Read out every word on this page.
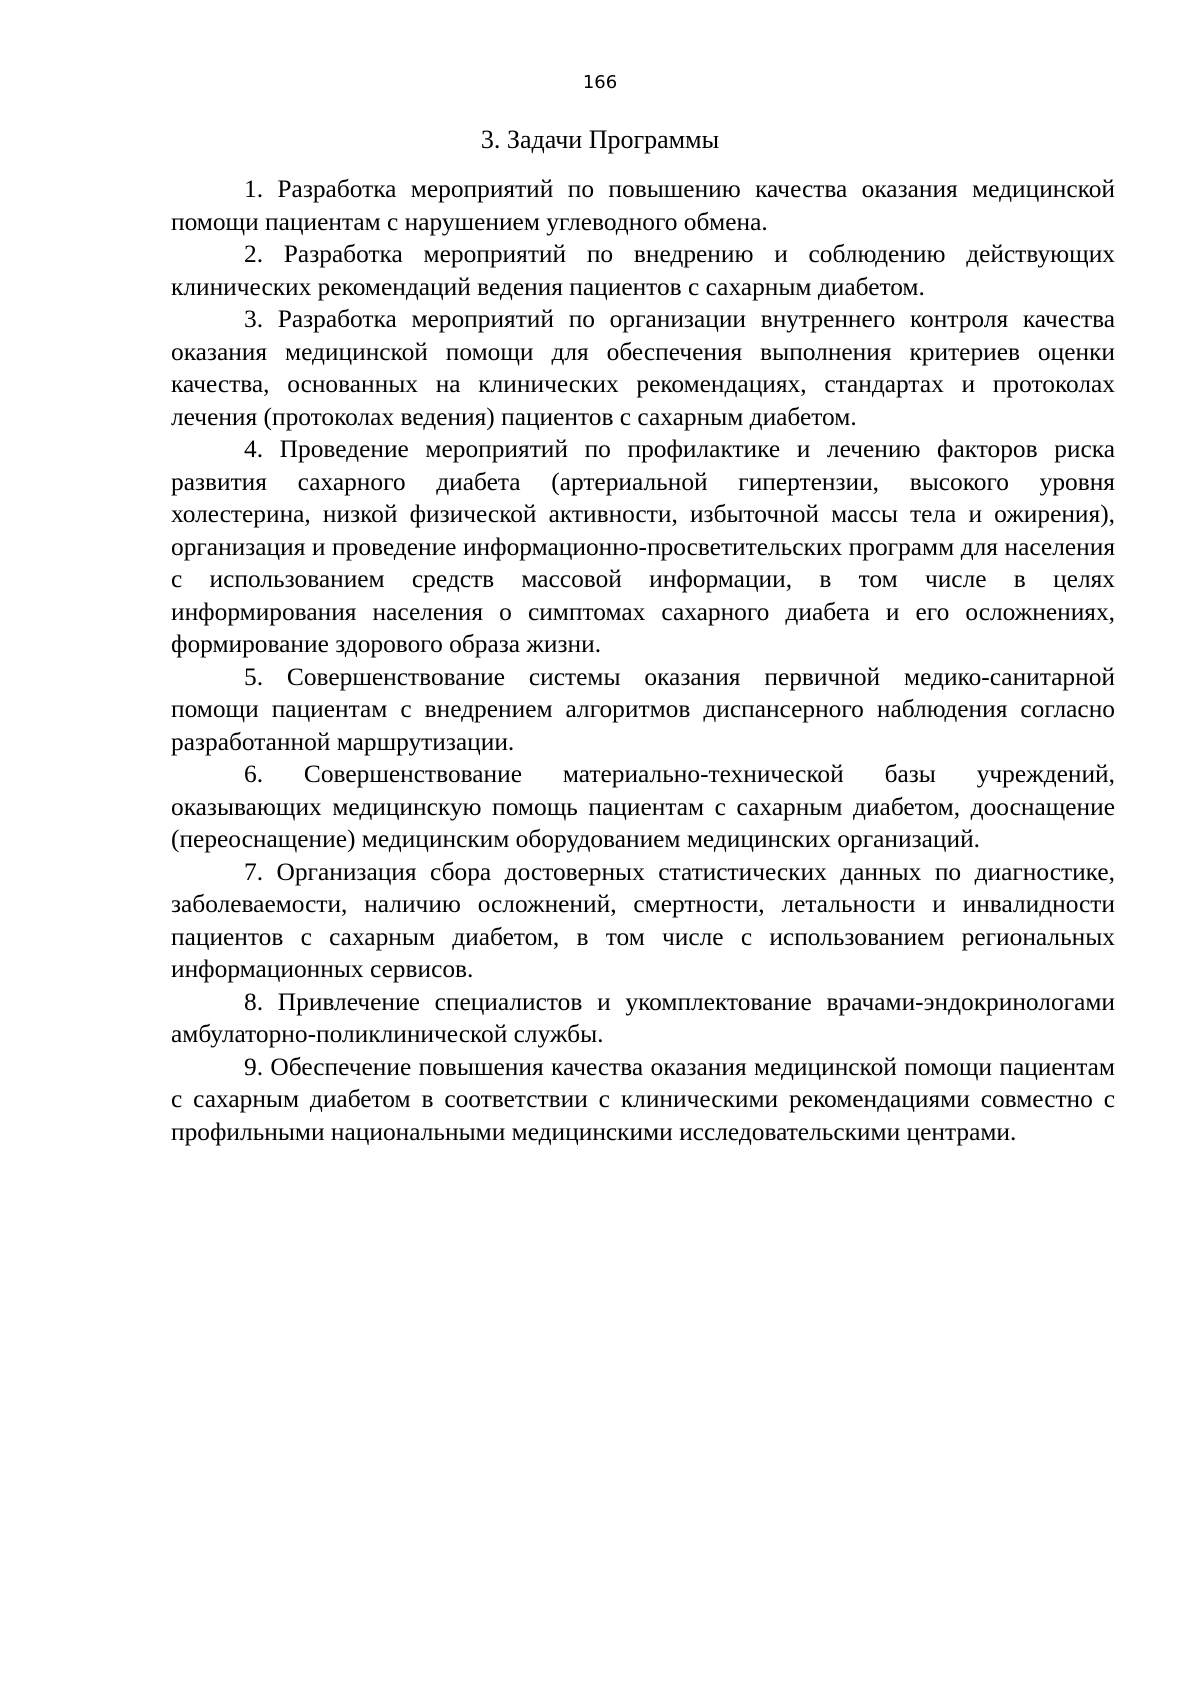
166
3. Задачи Программы

1. Разработка мероприятий по повышению качества оказания медицинской помощи пациентам с нарушением углеводного обмена.

2. Разработка мероприятий по внедрению и соблюдению действующих клинических рекомендаций ведения пациентов с сахарным диабетом.

3. Разработка мероприятий по организации внутреннего контроля качества оказания медицинской помощи для обеспечения выполнения критериев оценки качества, основанных на клинических рекомендациях, стандартах и протоколах лечения (протоколах ведения) пациентов с сахарным диабетом.

4. Проведение мероприятий по профилактике и лечению факторов риска развития сахарного диабета (артериальной гипертензии, высокого уровня холестерина, низкой физической активности, избыточной массы тела и ожирения), организация и проведение информационно-просветительских программ для населения с использованием средств массовой информации, в том числе в целях информирования населения о симптомах сахарного диабета и его осложнениях, формирование здорового образа жизни.

5. Совершенствование системы оказания первичной медико-санитарной помощи пациентам с внедрением алгоритмов диспансерного наблюдения согласно разработанной маршрутизации.

6. Совершенствование материально-технической базы учреждений, оказывающих медицинскую помощь пациентам с сахарным диабетом, дооснащение (переоснащение) медицинским оборудованием медицинских организаций.

7. Организация сбора достоверных статистических данных по диагностике, заболеваемости, наличию осложнений, смертности, летальности и инвалидности пациентов с сахарным диабетом, в том числе с использованием региональных информационных сервисов.

8. Привлечение специалистов и укомплектование врачами-эндокринологами амбулаторно-поликлинической службы.

9. Обеспечение повышения качества оказания медицинской помощи пациентам с сахарным диабетом в соответствии с клиническими рекомендациями совместно с профильными национальными медицинскими исследовательскими центрами.
